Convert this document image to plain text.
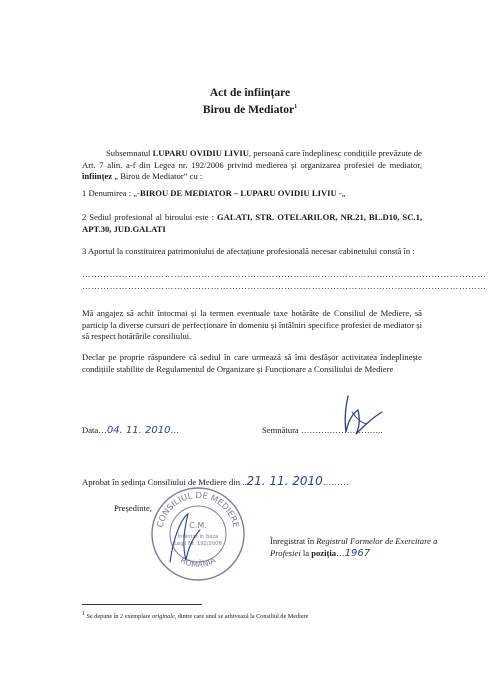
Act de înființare
Birou de Mediator$^1$
Subsemnatul LUPARU OVIDIU LIVIU, persoană care îndeplinesc condițiile prevăzute de Art. 7 alin. a-f din Legea nr. 192/2006 privind medierea și organizarea profesiei de mediator, înființez „ Birou de Mediator” cu :
1 Denumirea : „-BIROU DE MEDIATOR – LUPARU OVIDIU LIVIU -„
2 Sediul profesional al biroului este : GALATI, STR. OTELARILOR, NR.21, BL.D10, SC.1, APT.30, JUD.GALATI
3 Aportul la constituirea patrimoniului de afectațiune profesională necesar cabinetului constă în :
……………………………………………………………………………………………………………………
……………………………………………………………………………………………………………………
Mă angajez să achit întocmai și la termen eventuale taxe hotărâte de Consiliul de Mediere, să particip la diverse cursuri de perfecționare în domeniu și întâlniri specifice profesiei de mediator și să respect hotărârile consiliului.
Declar pe proprie răspundere că sediul în care urmează să îmi desfășor activitatea îndeplinește condițiile stabilite de Regulamentul de Organizare și Funcționare a Consiliului de Mediere
Data…04. 11. 2010…	Semnătura ………………………..
Aprobat în ședința Consiliului de Mediere din ..21. 11. 2010………
Președinte,
CONSILIUL DE MEDIERE
ROMÂNIA
C.M.
Înființat în baza
Legii Nr. 192/2006	Înregistrat în Registrul Formelor de Exercitare a Profesiei la poziția…1967
$^1$ Se depune în 2 exemplare originale, dintre care unul se arhivează la Consiliul de Mediere
